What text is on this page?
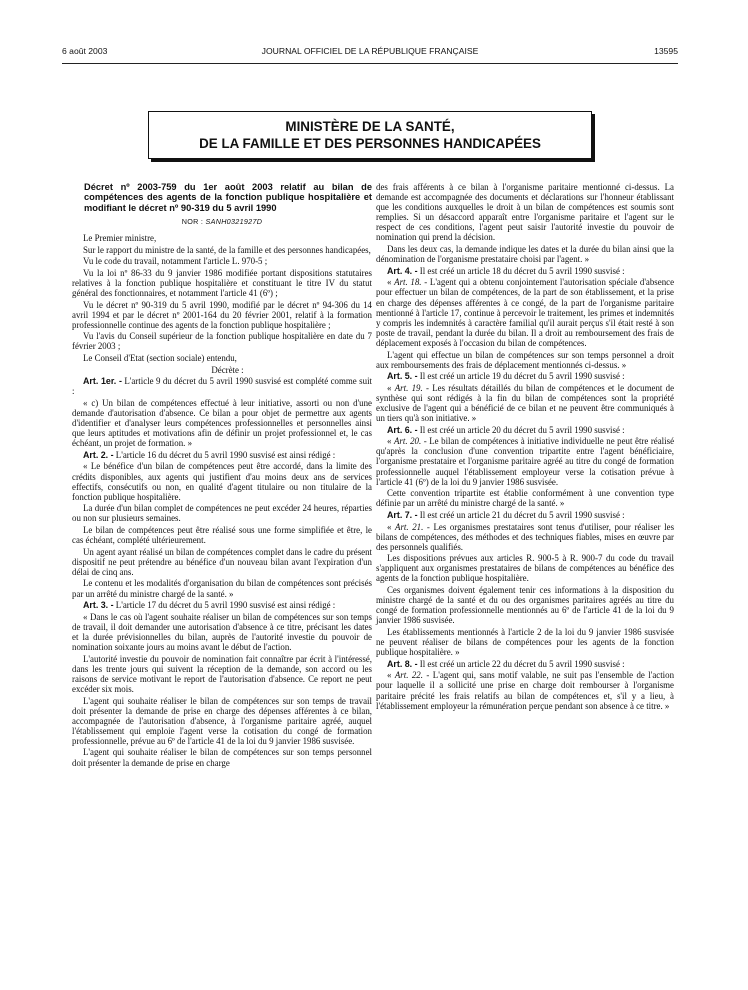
6 août 2003	JOURNAL OFFICIEL DE LA RÉPUBLIQUE FRANÇAISE	13595
MINISTÈRE DE LA SANTÉ,
DE LA FAMILLE ET DES PERSONNES HANDICAPÉES
Décret nº 2003-759 du 1er août 2003 relatif au bilan de compétences des agents de la fonction publique hospitalière et modifiant le décret nº 90-319 du 5 avril 1990
NOR : SANH0321927D

Le Premier ministre,

Sur le rapport du ministre de la santé, de la famille et des personnes handicapées,

Vu le code du travail, notamment l'article L. 970-5 ;

Vu la loi nº 86-33 du 9 janvier 1986 modifiée portant dispositions statutaires relatives à la fonction publique hospitalière et constituant le titre IV du statut général des fonctionnaires, et notamment l'article 41 (6º) ;

Vu le décret nº 90-319 du 5 avril 1990, modifié par le décret nº 94-306 du 14 avril 1994 et par le décret nº 2001-164 du 20 février 2001, relatif à la formation professionnelle continue des agents de la fonction publique hospitalière ;

Vu l'avis du Conseil supérieur de la fonction publique hospitalière en date du 7 février 2003 ;

Le Conseil d'Etat (section sociale) entendu,

Décrète :

Art. 1er. - L'article 9 du décret du 5 avril 1990 susvisé est complété comme suit :

« c) Un bilan de compétences effectué à leur initiative, assorti ou non d'une demande d'autorisation d'absence. Ce bilan a pour objet de permettre aux agents d'identifier et d'analyser leurs compétences professionnelles et personnelles ainsi que leurs aptitudes et motivations afin de définir un projet professionnel et, le cas échéant, un projet de formation. »

Art. 2. - L'article 16 du décret du 5 avril 1990 susvisé est ainsi rédigé :

« Le bénéfice d'un bilan de compétences peut être accordé, dans la limite des crédits disponibles, aux agents qui justifient d'au moins deux ans de services effectifs, consécutifs ou non, en qualité d'agent titulaire ou non titulaire de la fonction publique hospitalière.

La durée d'un bilan complet de compétences ne peut excéder 24 heures, réparties ou non sur plusieurs semaines.

Le bilan de compétences peut être réalisé sous une forme simplifiée et être, le cas échéant, complété ultérieurement.

Un agent ayant réalisé un bilan de compétences complet dans le cadre du présent dispositif ne peut prétendre au bénéfice d'un nouveau bilan avant l'expiration d'un délai de cinq ans.

Le contenu et les modalités d'organisation du bilan de compétences sont précisés par un arrêté du ministre chargé de la santé. »

Art. 3. - L'article 17 du décret du 5 avril 1990 susvisé est ainsi rédigé :

« Dans le cas où l'agent souhaite réaliser un bilan de compétences sur son temps de travail, il doit demander une autorisation d'absence à ce titre, précisant les dates et la durée prévisionnelles du bilan, auprès de l'autorité investie du pouvoir de nomination soixante jours au moins avant le début de l'action.

L'autorité investie du pouvoir de nomination fait connaître par écrit à l'intéressé, dans les trente jours qui suivent la réception de la demande, son accord ou les raisons de service motivant le report de l'autorisation d'absence. Ce report ne peut excéder six mois.

L'agent qui souhaite réaliser le bilan de compétences sur son temps de travail doit présenter la demande de prise en charge des dépenses afférentes à ce bilan, accompagnée de l'autorisation d'absence, à l'organisme paritaire agréé, auquel l'établissement qui emploie l'agent verse la cotisation du congé de formation professionnelle, prévue au 6º de l'article 41 de la loi du 9 janvier 1986 susvisée.

L'agent qui souhaite réaliser le bilan de compétences sur son temps personnel doit présenter la demande de prise en charge

des frais afférents à ce bilan à l'organisme paritaire mentionné ci-dessus. La demande est accompagnée des documents et déclarations sur l'honneur établissant que les conditions auxquelles le droit à un bilan de compétences est soumis sont remplies. Si un désaccord apparaît entre l'organisme paritaire et l'agent sur le respect de ces conditions, l'agent peut saisir l'autorité investie du pouvoir de nomination qui prend la décision.

Dans les deux cas, la demande indique les dates et la durée du bilan ainsi que la dénomination de l'organisme prestataire choisi par l'agent. »

Art. 4. - Il est créé un article 18 du décret du 5 avril 1990 susvisé :

« Art. 18. - L'agent qui a obtenu conjointement l'autorisation spéciale d'absence pour effectuer un bilan de compétences, de la part de son établissement, et la prise en charge des dépenses afférentes à ce congé, de la part de l'organisme paritaire mentionné à l'article 17, continue à percevoir le traitement, les primes et indemnités y compris les indemnités à caractère familial qu'il aurait perçus s'il était resté à son poste de travail, pendant la durée du bilan. Il a droit au remboursement des frais de déplacement exposés à l'occasion du bilan de compétences.

L'agent qui effectue un bilan de compétences sur son temps personnel a droit aux remboursements des frais de déplacement mentionnés ci-dessus. »

Art. 5. - Il est créé un article 19 du décret du 5 avril 1990 susvisé :

« Art. 19. - Les résultats détaillés du bilan de compétences et le document de synthèse qui sont rédigés à la fin du bilan de compétences sont la propriété exclusive de l'agent qui a bénéficié de ce bilan et ne peuvent être communiqués à un tiers qu'à son initiative. »

Art. 6. - Il est créé un article 20 du décret du 5 avril 1990 susvisé :

« Art. 20. - Le bilan de compétences à initiative individuelle ne peut être réalisé qu'après la conclusion d'une convention tripartite entre l'agent bénéficiaire, l'organisme prestataire et l'organisme paritaire agréé au titre du congé de formation professionnelle auquel l'établissement employeur verse la cotisation prévue à l'article 41 (6º) de la loi du 9 janvier 1986 susvisée.

Cette convention tripartite est établie conformément à une convention type définie par un arrêté du ministre chargé de la santé. »

Art. 7. - Il est créé un article 21 du décret du 5 avril 1990 susvisé :

« Art. 21. - Les organismes prestataires sont tenus d'utiliser, pour réaliser les bilans de compétences, des méthodes et des techniques fiables, mises en œuvre par des personnels qualifiés.

Les dispositions prévues aux articles R. 900-5 à R. 900-7 du code du travail s'appliquent aux organismes prestataires de bilans de compétences au bénéfice des agents de la fonction publique hospitalière.

Ces organismes doivent également tenir ces informations à la disposition du ministre chargé de la santé et du ou des organismes paritaires agréés au titre du congé de formation professionnelle mentionnés au 6º de l'article 41 de la loi du 9 janvier 1986 susvisée.

Les établissements mentionnés à l'article 2 de la loi du 9 janvier 1986 susvisée ne peuvent réaliser de bilans de compétences pour les agents de la fonction publique hospitalière. »

Art. 8. - Il est créé un article 22 du décret du 5 avril 1990 susvisé :

« Art. 22. - L'agent qui, sans motif valable, ne suit pas l'ensemble de l'action pour laquelle il a sollicité une prise en charge doit rembourser à l'organisme paritaire précité les frais relatifs au bilan de compétences et, s'il y a lieu, à l'établissement employeur la rémunération perçue pendant son absence à ce titre. »
